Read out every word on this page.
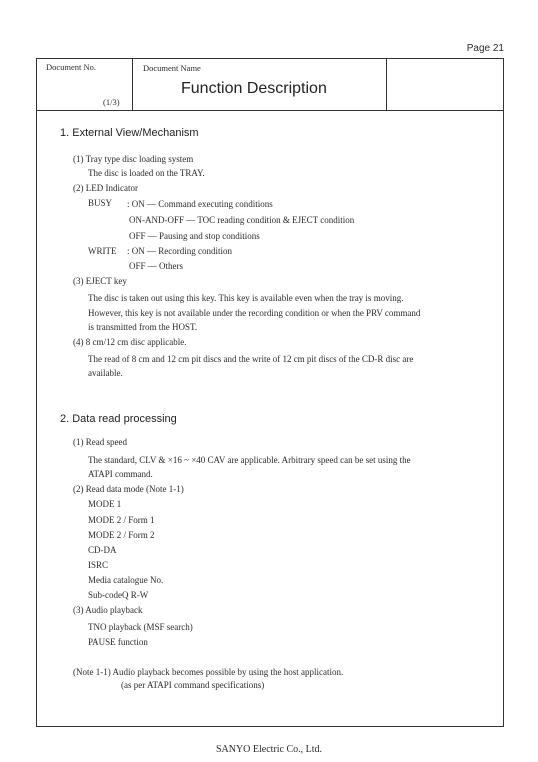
Page 21
Document No.
(1/3)
Document Name
Function Description
1. External View/Mechanism
(1) Tray type disc loading system
The disc is loaded on the TRAY.
(2) LED Indicator
BUSY : ON — Command executing conditions
ON-AND-OFF — TOC reading condition & EJECT condition
OFF — Pausing and stop conditions
WRITE : ON — Recording condition
OFF — Others
(3) EJECT key
The disc is taken out using this key. This key is available even when the tray is moving.
However, this key is not available under the recording condition or when the PRV command
is transmitted from the HOST.
(4) 8 cm/12 cm disc applicable.
The read of 8 cm and 12 cm pit discs and the write of 12 cm pit discs of the CD-R disc are
available.
2. Data read processing
(1) Read speed
The standard, CLV & ×16 ~ ×40 CAV are applicable. Arbitrary speed can be set using the
ATAPI command.
(2) Read data mode (Note 1-1)
MODE 1
MODE 2 / Form 1
MODE 2 / Form 2
CD-DA
ISRC
Media catalogue No.
Sub-codeQ R-W
(3) Audio playback
TNO playback (MSF search)
PAUSE function
(Note 1-1) Audio playback becomes possible by using the host application.
(as per ATAPI command specifications)
SANYO Electric Co., Ltd.
